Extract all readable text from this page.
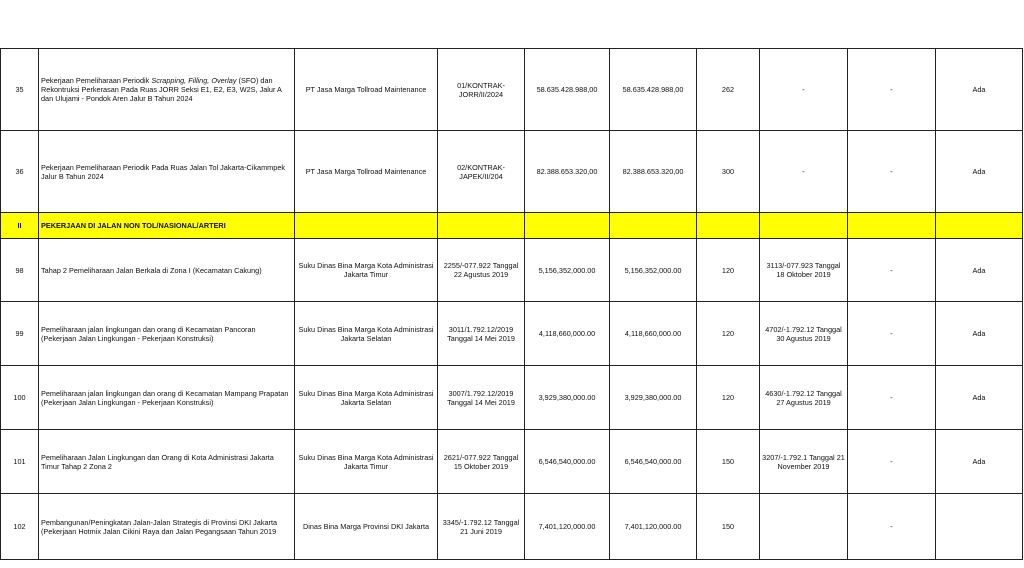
35	Pekerjaan Pemeliharaan Periodik Scrapping, Filling, Overlay (SFO) dan Rekontruksi Perkerasan Pada Ruas JORR Seksi E1, E2, E3, W2S, Jalur A dan Ulujami - Pondok Aren Jalur B Tahun 2024	PT Jasa Marga Tollroad Maintenance	01/KONTRAK-JORR/II/2024	58.635.428.988,00	58.635.428.988,00	262	-	-	Ada
36	Pekerjaan Pemeliharaan Periodik Pada Ruas Jalan Tol Jakarta-Cikammpek Jalur B Tahun 2024	PT Jasa Marga Tollroad Maintenance	02/KONTRAK-JAPEK/II/204	82.388.653.320,00	82.388.653.320,00	300	-	-	Ada
II	PEKERJAAN DI JALAN NON TOL/NASIONAL/ARTERI								
98	Tahap 2 Pemeliharaan Jalan Berkala di Zona I (Kecamatan Cakung)	Suku Dinas Bina Marga Kota Administrasi Jakarta Timur	2255/-077.922 Tanggal 22 Agustus 2019	5,156,352,000.00	5,156,352,000.00	120	3113/-077.923 Tanggal 18 Oktober 2019	-	Ada
99	Pemeliharaan jalan lingkungan dan orang di Kecamatan Pancoran (Pekerjaan Jalan Lingkungan - Pekerjaan Konstruksi)	Suku Dinas Bina Marga Kota Administrasi Jakarta Selatan	3011/1.792.12/2019 Tanggal 14 Mei 2019	4,118,660,000.00	4,118,660,000.00	120	4702/-1.792.12 Tanggal 30 Agustus 2019	-	Ada
100	Pemeliharaan jalan lingkungan dan orang di Kecamatan Mampang Prapatan (Pekerjaan Jalan Lingkungan - Pekerjaan Konstruksi)	Suku Dinas Bina Marga Kota Administrasi Jakarta Selatan	3007/1.792.12/2019 Tanggal 14 Mei 2019	3,929,380,000.00	3,929,380,000.00	120	4630/-1.792.12 Tanggal 27 Agustus 2019	-	Ada
101	Pemeliharaan Jalan Lingkungan dan Orang di Kota Administrasi Jakarta Timur Tahap 2 Zona 2	Suku Dinas Bina Marga Kota Administrasi Jakarta Timur	2621/-077.922 Tanggal 15 Oktober 2019	6,546,540,000.00	6,546,540,000.00	150	3207/-1.792.1 Tanggal 21 November 2019	-	Ada
102	Pembangunan/Peningkatan Jalan-Jalan Strategis di Provinsi DKI Jakarta (Pekerjaan Hotmix Jalan Cikini Raya dan Jalan Pegangsaan Tahun 2019	Dinas Bina Marga Provinsi DKI Jakarta	3345/-1.792.12 Tanggal 21 Juni 2019	7,401,120,000.00	7,401,120,000.00	150		-	
